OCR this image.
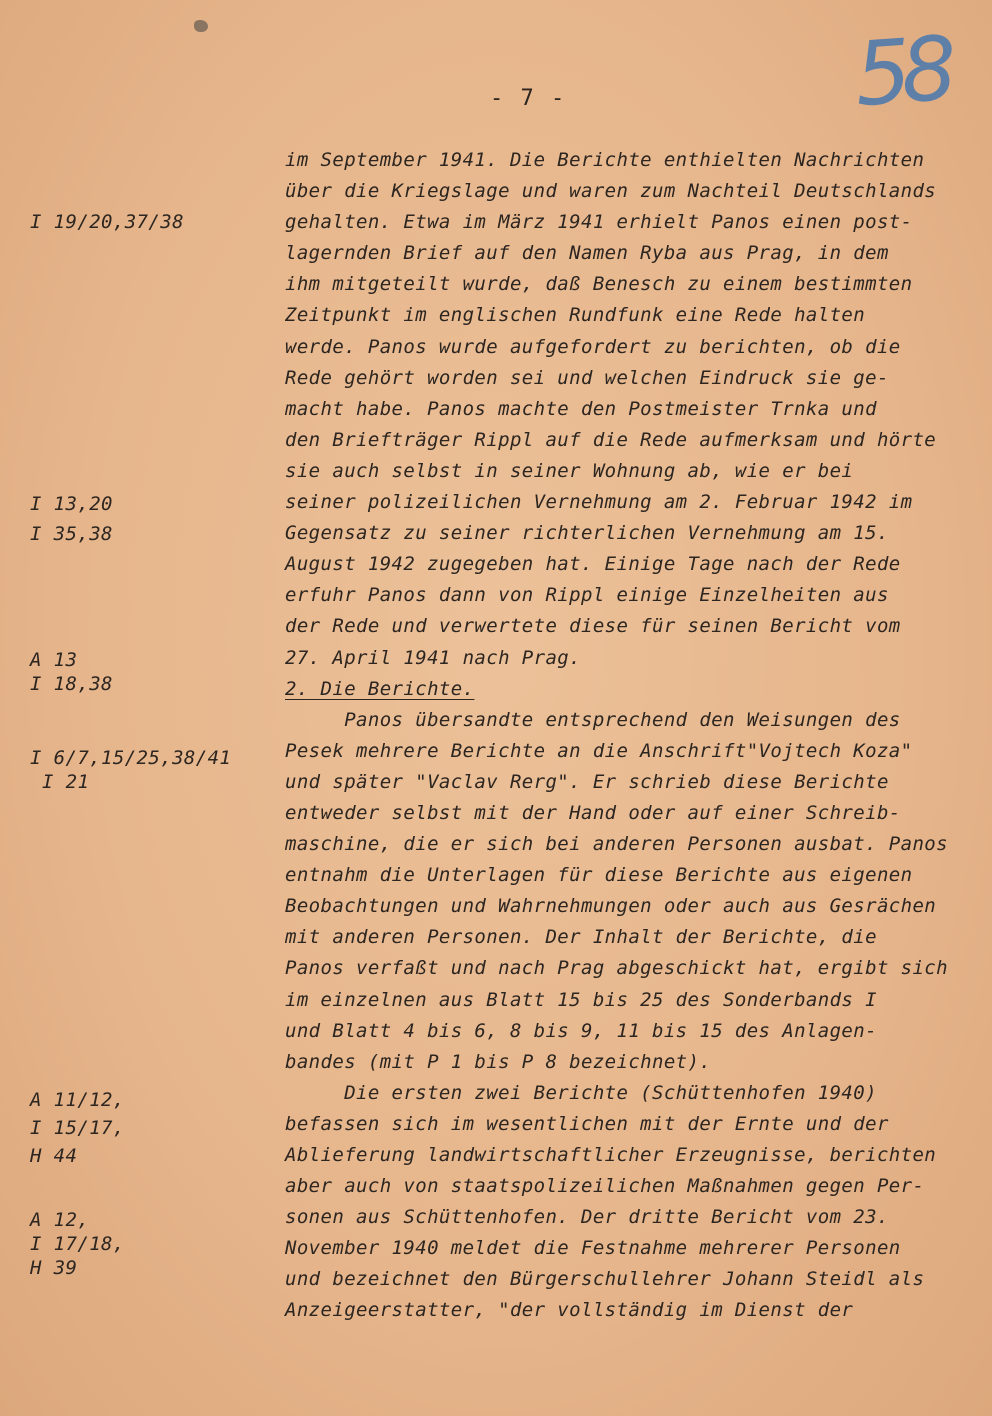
- 7 -	58
I 19/20,37/38
I 13,20
I 35,38
A 13
I 18,38
I 6/7,15/25,38/41
I 21
A 11/12,
I 15/17,
H 44
A 12,
I 17/18,
H 39
im September 1941. Die Berichte enthielten Nachrichten
über die Kriegslage und waren zum Nachteil Deutschlands
gehalten. Etwa im März 1941 erhielt Panos einen post-
lagernden Brief auf den Namen Ryba aus Prag, in dem
ihm mitgeteilt wurde, daß Benesch zu einem bestimmten
Zeitpunkt im englischen Rundfunk eine Rede halten
werde. Panos wurde aufgefordert zu berichten, ob die
Rede gehört worden sei und welchen Eindruck sie ge-
macht habe. Panos machte den Postmeister Trnka und
den Briefträger Rippl auf die Rede aufmerksam und hörte
sie auch selbst in seiner Wohnung ab, wie er bei
seiner polizeilichen Vernehmung am 2. Februar 1942 im
Gegensatz zu seiner richterlichen Vernehmung am 15.
August 1942 zugegeben hat. Einige Tage nach der Rede
erfuhr Panos dann von Rippl einige Einzelheiten aus
der Rede und verwertete diese für seinen Bericht vom
27. April 1941 nach Prag.
2. Die Berichte.
Panos übersandte entsprechend den Weisungen des
Pesek mehrere Berichte an die Anschrift"Vojtech Koza"
und später "Vaclav Rerg". Er schrieb diese Berichte
entweder selbst mit der Hand oder auf einer Schreib-
maschine, die er sich bei anderen Personen ausbat. Panos
entnahm die Unterlagen für diese Berichte aus eigenen
Beobachtungen und Wahrnehmungen oder auch aus Gesrächen
mit anderen Personen. Der Inhalt der Berichte, die
Panos verfaßt und nach Prag abgeschickt hat, ergibt sich
im einzelnen aus Blatt 15 bis 25 des Sonderbands I
und Blatt 4 bis 6, 8 bis 9, 11 bis 15 des Anlagen-
bandes (mit P 1 bis P 8 bezeichnet).
Die ersten zwei Berichte (Schüttenhofen 1940)
befassen sich im wesentlichen mit der Ernte und der
Ablieferung landwirtschaftlicher Erzeugnisse, berichten
aber auch von staatspolizeilichen Maßnahmen gegen Per-
sonen aus Schüttenhofen. Der dritte Bericht vom 23.
November 1940 meldet die Festnahme mehrerer Personen
und bezeichnet den Bürgerschullehrer Johann Steidl als
Anzeigeerstatter, "der vollständig im Dienst der
